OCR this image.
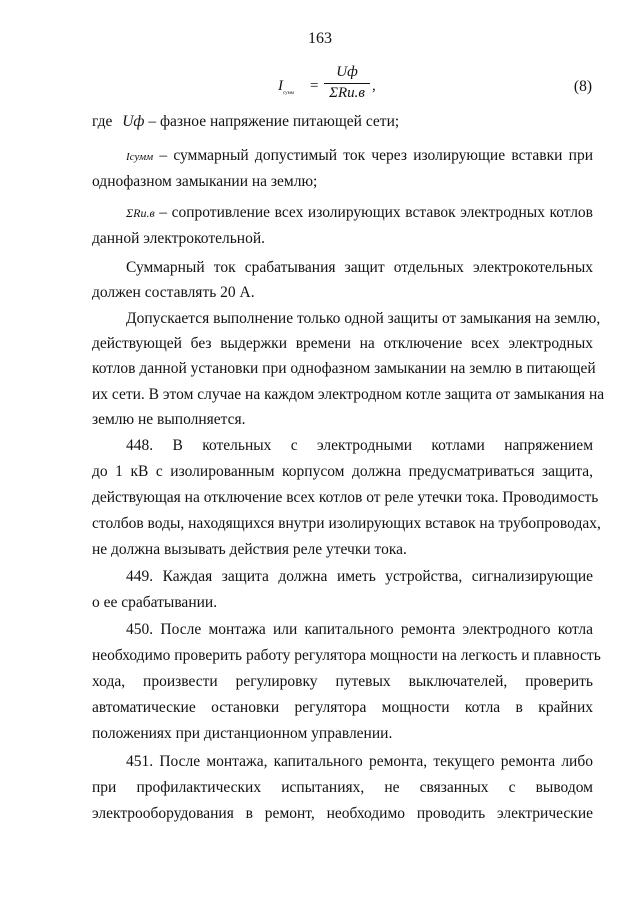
163
$I_{сумм}$ =
Uф
ΣRи.в ,	(8)
где Uф – фазное напряжение питающей сети;
Iсумм – суммарный допустимый ток через изолирующие вставки при
однофазном замыкании на землю;
ΣRи.в – сопротивление всех изолирующих вставок электродных котлов
данной электрокотельной.
Суммарный ток срабатывания защит отдельных электрокотельных
должен составлять 20 А.
Допускается выполнение только одной защиты от замыкания на землю,
действующей без выдержки времени на отключение всех электродных
котлов данной установки при однофазном замыкании на землю в питающей
их сети. В этом случае на каждом электродном котле защита от замыкания на
землю не выполняется.
448. В котельных с электродными котлами напряжением
до 1 кВ с изолированным корпусом должна предусматриваться защита,
действующая на отключение всех котлов от реле утечки тока. Проводимость
столбов воды, находящихся внутри изолирующих вставок на трубопроводах,
не должна вызывать действия реле утечки тока.
449. Каждая защита должна иметь устройства, сигнализирующие
о ее срабатывании.
450. После монтажа или капитального ремонта электродного котла
необходимо проверить работу регулятора мощности на легкость и плавность
хода, произвести регулировку путевых выключателей, проверить
автоматические остановки регулятора мощности котла в крайних
положениях при дистанционном управлении.
451. После монтажа, капитального ремонта, текущего ремонта либо
при профилактических испытаниях, не связанных с выводом
электрооборудования в ремонт, необходимо проводить электрические
